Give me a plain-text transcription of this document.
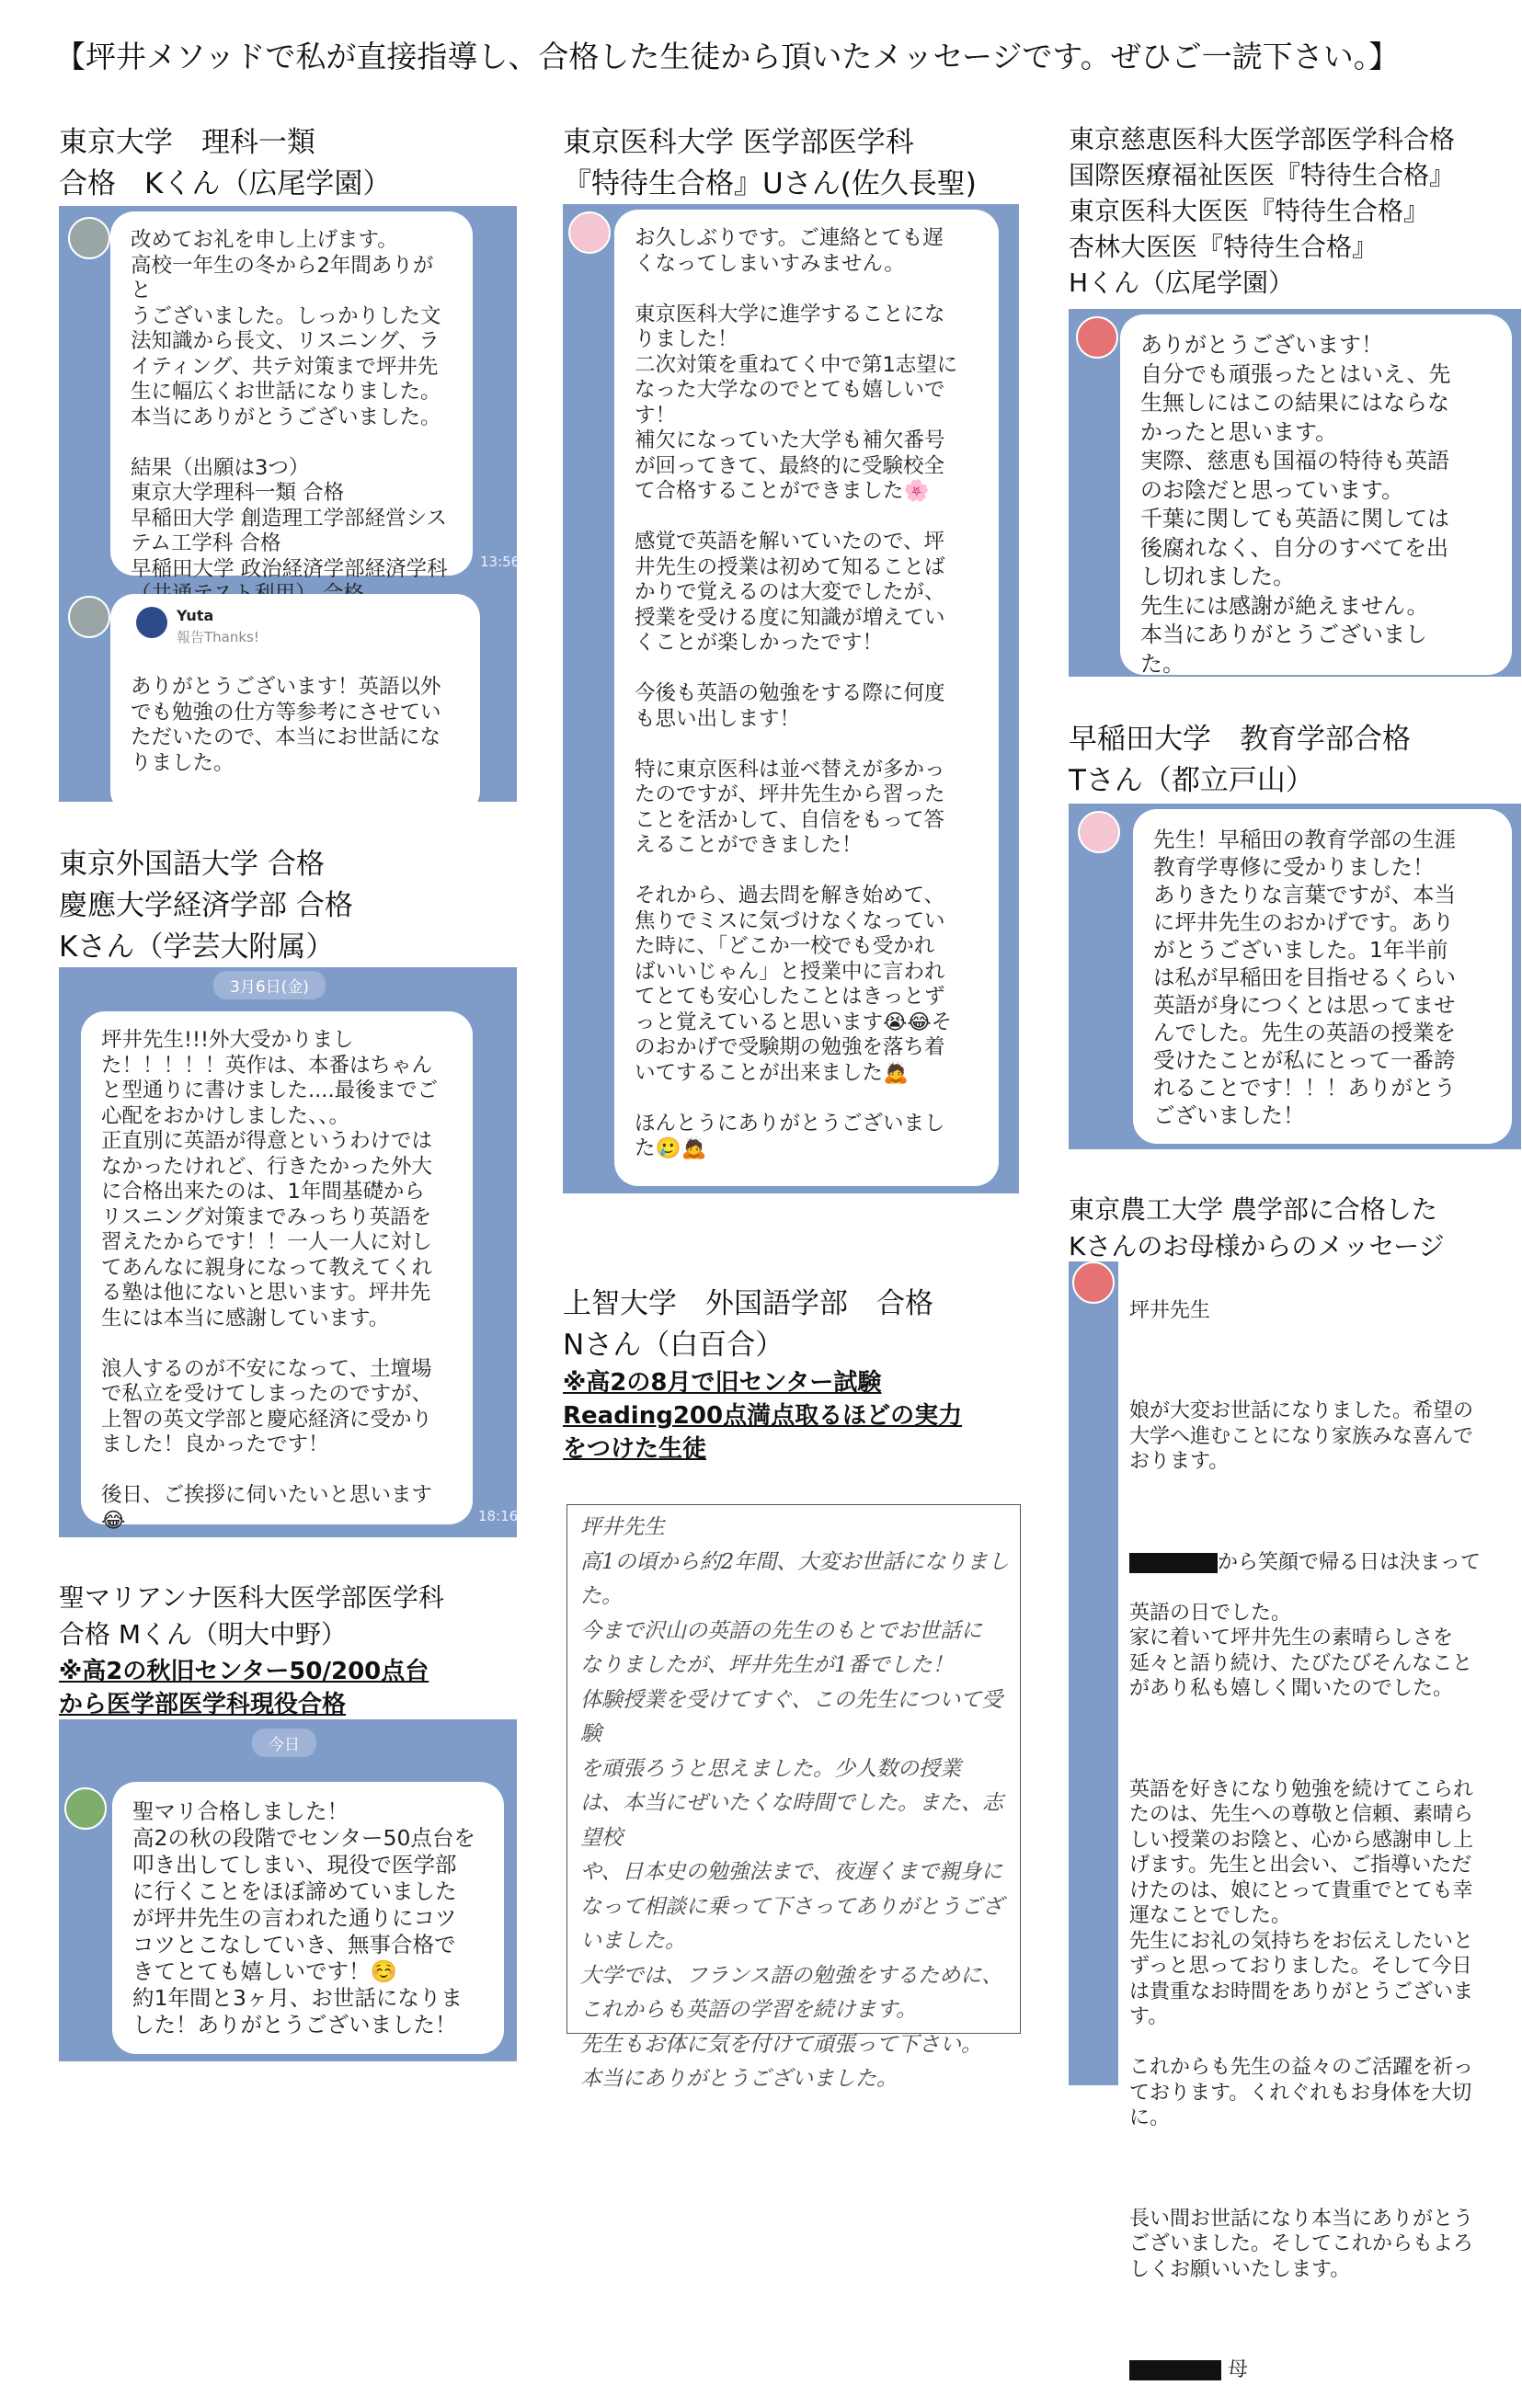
【坪井メソッドで私が直接指導し、合格した生徒から頂いたメッセージです。ぜひご一読下さい。】
東京大学　理科一類
合格　Kくん（広尾学園）
改めてお礼を申し上げます。
高校一年生の冬から2年間ありがと
うございました。しっかりした文
法知識から長文、リスニング、ラ
イティング、共テ対策まで坪井先
生に幅広くお世話になりました。
本当にありがとうございました。

結果（出願は3つ）
東京大学理科一類 合格
早稲田大学 創造理工学部経営シス
テム工学科 合格
早稲田大学 政治経済学部経済学科	13:56
ありがとうございます！英語以外
でも勉強の仕方等参考にさせてい
ただいたので、本当にお世話にな
りました。
Yuta
報告Thanks!
東京外国語大学 合格
慶應大学経済学部 合格
Kさん（学芸大附属）
3月6日(金)
坪井先生!!!外大受かりまし
た！！！！！英作は、本番はちゃん
と型通りに書けました....最後までご
心配をおかけしました、、。
正直別に英語が得意というわけでは
なかったけれど、行きたかった外大
に合格出来たのは、1年間基礎から
リスニング対策までみっちり英語を
習えたからです！！一人一人に対し
てあんなに親身になって教えてくれ
る塾は他にないと思います。坪井先
生には本当に感謝しています。

浪人するのが不安になって、土壇場
で私立を受けてしまったのですが、
上智の英文学部と慶応経済に受かり
ました！良かったです！

後日、ご挨拶に伺いたいと思います
😂	18:16
聖マリアンナ医科大医学部医学科
合格 Mくん（明大中野）
※高2の秋旧センター50/200点台
から医学部医学科現役合格
今日
聖マリ合格しました！
高2の秋の段階でセンター50点台を
叩き出してしまい、現役で医学部
に行くことをほぼ諦めていました
が坪井先生の言われた通りにコツ
コツとこなしていき、無事合格で
きてとても嬉しいです！☺️
約1年間と3ヶ月、お世話になりま
した！ありがとうございました！
東京医科大学 医学部医学科
『特待生合格』Uさん(佐久長聖)
お久しぶりです。ご連絡とても遅
くなってしまいすみません。

東京医科大学に進学することにな
りました！
二次対策を重ねてく中で第1志望に
なった大学なのでとても嬉しいで
す！
補欠になっていた大学も補欠番号
が回ってきて、最終的に受験校全
て合格することができました🌸

感覚で英語を解いていたので、坪
井先生の授業は初めて知ることば
かりで覚えるのは大変でしたが、
授業を受ける度に知識が増えてい
くことが楽しかったです！

今後も英語の勉強をする際に何度
も思い出します！

特に東京医科は並べ替えが多かっ
たのですが、坪井先生から習った
ことを活かして、自信をもって答
えることができました！

それから、過去問を解き始めて、
焦りでミスに気づけなくなってい
た時に、「どこか一校でも受かれ
ばいいじゃん」と授業中に言われ
てとても安心したことはきっとず
っと覚えていると思います😭😂そ
のおかげで受験期の勉強を落ち着
いてすることが出来ました🙇

ほんとうにありがとうございまし
た🥲🙇
上智大学　外国語学部　合格
Nさん（白百合）
※高2の8月で旧センター試験
Reading200点満点取るほどの実力
をつけた生徒
坪井先生
高1の頃から約2年間、大変お世話になりました。
今まで沢山の英語の先生のもとでお世話に
なりましたが、坪井先生が1番でした！
体験授業を受けてすぐ、この先生について受験
を頑張ろうと思えました。少人数の授業
は、本当にぜいたくな時間でした。また、志望校
や、日本史の勉強法まで、夜遅くまで親身に
なって相談に乗って下さってありがとうございました。
大学では、フランス語の勉強をするために、
これからも英語の学習を続けます。
先生もお体に気を付けて頑張って下さい。
本当にありがとうございました。
東京慈恵医科大医学部医学科合格
国際医療福祉医医『特待生合格』
東京医科大医医『特待生合格』
杏林大医医『特待生合格』
Hくん（広尾学園）
ありがとうございます！
自分でも頑張ったとはいえ、先
生無しにはこの結果にはならな
かったと思います。
実際、慈恵も国福の特待も英語
のお陰だと思っています。
千葉に関しても英語に関しては
後腐れなく、自分のすべてを出
し切れました。
先生には感謝が絶えません。
本当にありがとうございまし
た。
早稲田大学　教育学部合格
Tさん（都立戸山）
先生！早稲田の教育学部の生涯
教育学専修に受かりました！
ありきたりな言葉ですが、本当
に坪井先生のおかげです。あり
がとうございました。1年半前
は私が早稲田を目指せるくらい
英語が身につくとは思ってませ
んでした。先生の英語の授業を
受けたことが私にとって一番誇
れることです！！！ありがとう
ございました！
東京農工大学 農学部に合格した
Kさんのお母様からのメッセージ

坪井先生

娘が大変お世話になりました。希望の
大学へ進むことになり家族みな喜んで
おります。

から笑顔で帰る日は決まって

英語の日でした。
家に着いて坪井先生の素晴らしさを
延々と語り続け、たびたびそんなこと
があり私も嬉しく聞いたのでした。

英語を好きになり勉強を続けてこられ
たのは、先生への尊敬と信頼、素晴ら
しい授業のお陰と、心から感謝申し上
げます。先生と出会い、ご指導いただ
けたのは、娘にとって貴重でとても幸
運なことでした。
先生にお礼の気持ちをお伝えしたいと
ずっと思っておりました。そして今日
は貴重なお時間をありがとうございま
す。

これからも先生の益々のご活躍を祈っ
ております。くれぐれもお身体を大切
に。

長い間お世話になり本当にありがとう
ございました。そしてこれからもよろ
しくお願いいたします。

母
